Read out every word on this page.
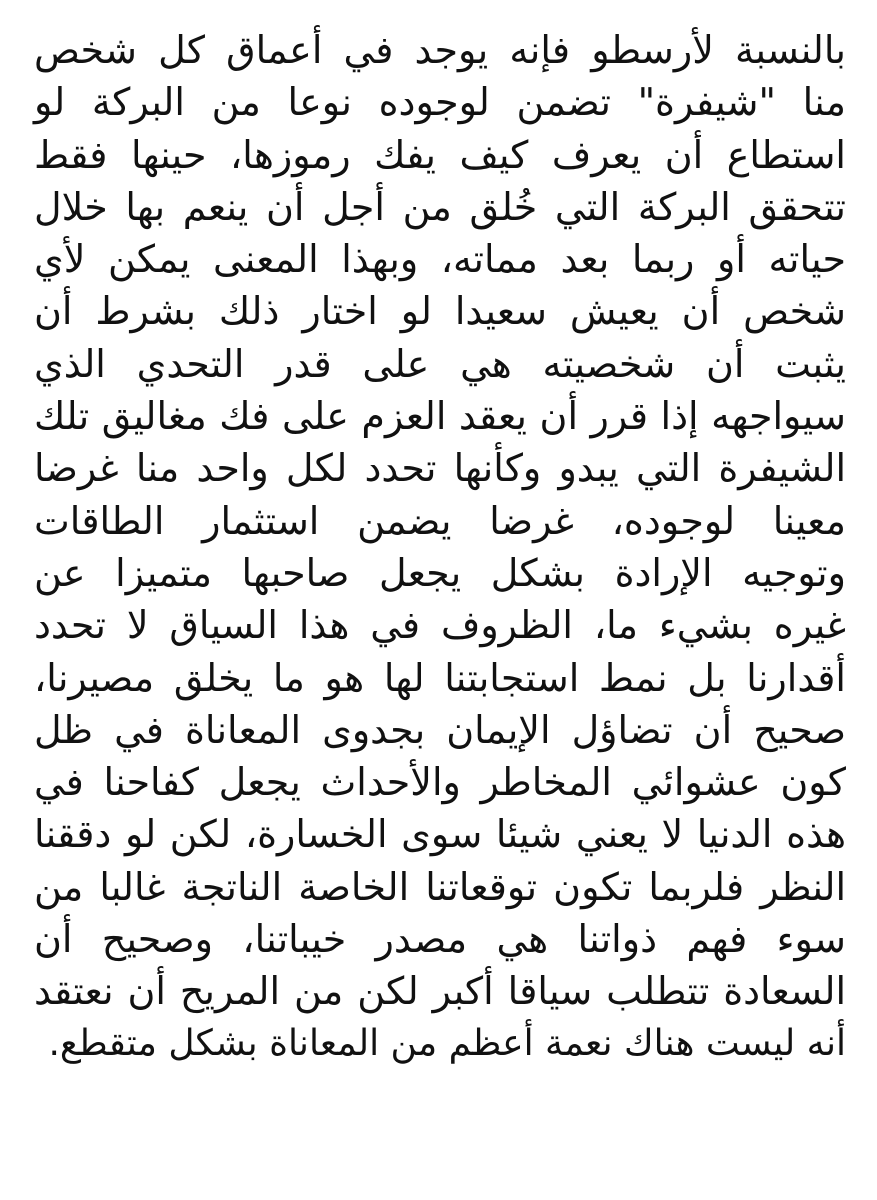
بالنسبة لأرسطو فإنه يوجد في أعماق كل شخص
منا "شيفرة" تضمن لوجوده نوعا من البركة لو
استطاع أن يعرف كيف يفك رموزها، حينها فقط
تتحقق البركة التي خُلق من أجل أن ينعم بها خلال
حياته أو ربما بعد مماته، وبهذا المعنى يمكن لأي
شخص أن يعيش سعيدا لو اختار ذلك بشرط أن
يثبت أن شخصيته هي على قدر التحدي الذي
سيواجهه إذا قرر أن يعقد العزم على فك مغاليق تلك
الشيفرة التي يبدو وكأنها تحدد لكل واحد منا غرضا
معينا لوجوده، غرضا يضمن استثمار الطاقات
وتوجيه الإرادة بشكل يجعل صاحبها متميزا عن
غيره بشيء ما، الظروف في هذا السياق لا تحدد
أقدارنا بل نمط استجابتنا لها هو ما يخلق مصيرنا،
صحيح أن تضاؤل الإيمان بجدوى المعاناة في ظل
كون عشوائي المخاطر والأحداث يجعل كفاحنا في
هذه الدنيا لا يعني شيئا سوى الخسارة، لكن لو دققنا
النظر فلربما تكون توقعاتنا الخاصة الناتجة غالبا من
سوء فهم ذواتنا هي مصدر خيباتنا، وصحيح أن
السعادة تتطلب سياقا أكبر لكن من المريح أن نعتقد
أنه ليست هناك نعمة أعظم من المعاناة بشكل متقطع.
